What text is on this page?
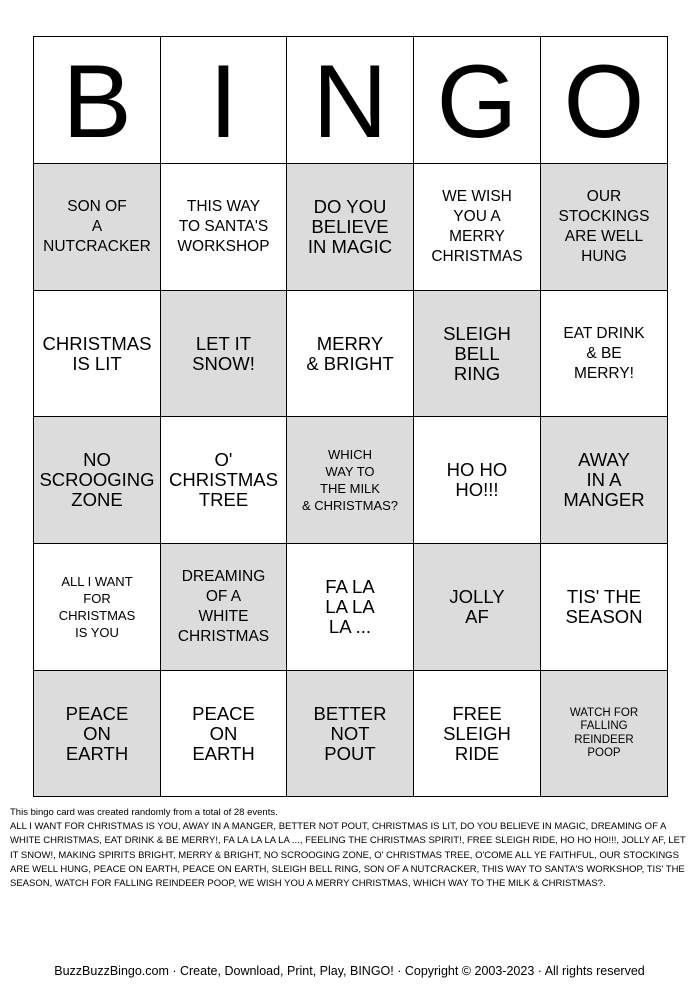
B I N G O
SON OF
A
NUTCRACKER
THIS WAY
TO SANTA'S
WORKSHOP
DO YOU
BELIEVE
IN MAGIC
WE WISH
YOU A
MERRY
CHRISTMAS
OUR
STOCKINGS
ARE WELL
HUNG
CHRISTMAS
IS LIT
LET IT
SNOW!
MERRY
& BRIGHT
SLEIGH
BELL
RING
EAT DRINK
& BE
MERRY!
NO
SCROOGING
ZONE
O'
CHRISTMAS
TREE
WHICH
WAY TO
THE MILK
& CHRISTMAS?
HO HO
HO!!!
AWAY
IN A
MANGER
ALL I WANT
FOR
CHRISTMAS
IS YOU
DREAMING
OF A
WHITE
CHRISTMAS
FA LA
LA LA
LA ...
JOLLY
AF
TIS' THE
SEASON
PEACE
ON
EARTH
PEACE
ON
EARTH
BETTER
NOT
POUT
FREE
SLEIGH
RIDE
WATCH FOR
FALLING
REINDEER
POOP

This bingo card was created randomly from a total of 28 events.

ALL I WANT FOR CHRISTMAS IS YOU, AWAY IN A MANGER, BETTER NOT POUT, CHRISTMAS IS LIT, DO YOU BELIEVE IN MAGIC, DREAMING OF A WHITE CHRISTMAS, EAT DRINK & BE MERRY!, FA LA LA LA LA ..., FEELING THE CHRISTMAS SPIRIT!, FREE SLEIGH RIDE, HO HO HO!!!, JOLLY AF, LET IT SNOW!, MAKING SPIRITS BRIGHT, MERRY & BRIGHT, NO SCROOGING ZONE, O' CHRISTMAS TREE, O'COME ALL YE FAITHFUL, OUR STOCKINGS ARE WELL HUNG, PEACE ON EARTH, PEACE ON EARTH, SLEIGH BELL RING, SON OF A NUTCRACKER, THIS WAY TO SANTA'S WORKSHOP, TIS' THE SEASON, WATCH FOR FALLING REINDEER POOP, WE WISH YOU A MERRY CHRISTMAS, WHICH WAY TO THE MILK & CHRISTMAS?.

BuzzBuzzBingo.com · Create, Download, Print, Play, BINGO! · Copyright © 2003-2023 · All rights reserved
